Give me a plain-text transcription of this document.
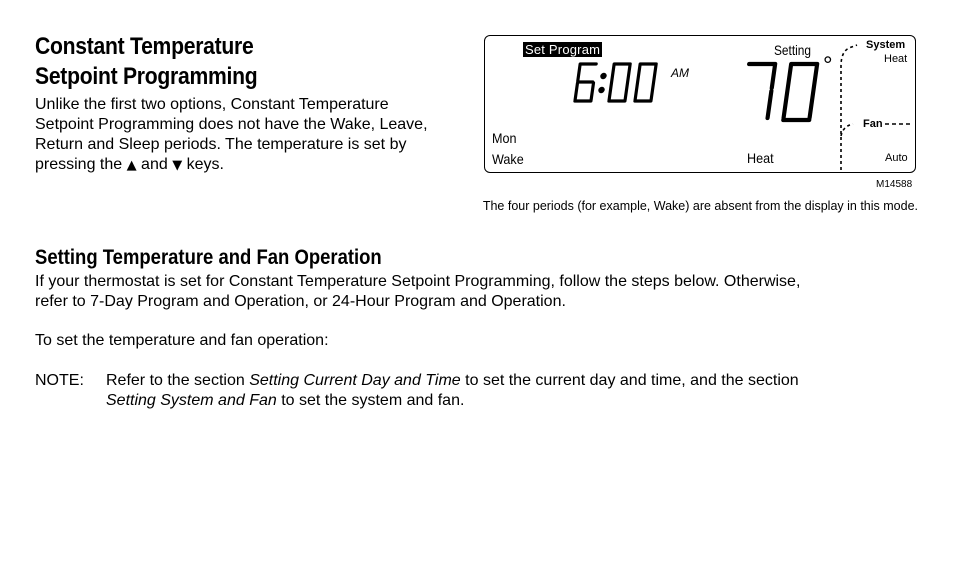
Constant Temperature
Setpoint Programming
Unlike the first two options, Constant Temperature
Setpoint Programming does not have the Wake, Leave,
Return and Sleep periods. The temperature is set by
pressing the ▲ and ▼ keys.
Set Program
AM
Setting
°
Mon
Wake	Heat
System
Heat
Fan
Auto
M14588
The four periods (for example, Wake) are absent from the display in this mode.
Setting Temperature and Fan Operation
If your thermostat is set for Constant Temperature Setpoint Programming, follow the steps below. Otherwise,
refer to 7-Day Program and Operation, or 24-Hour Program and Operation.
To set the temperature and fan operation:
NOTE: Refer to the section Setting Current Day and Time to set the current day and time, and the section
Setting System and Fan to set the system and fan.
